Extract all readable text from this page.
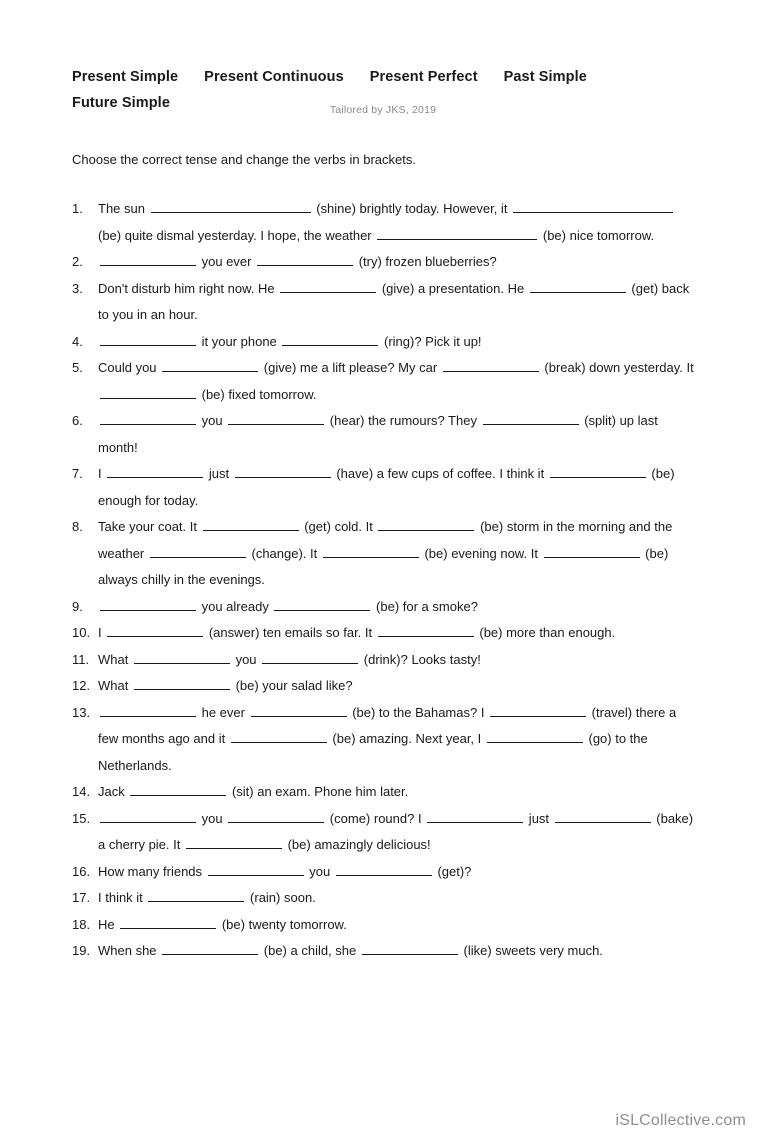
Tailored by JKS, 2019
Present Simple Present Continuous Present Perfect Past SimpleFuture Simple
Choose the correct tense and change the verbs in brackets.
1.	The sun	(shine) brightly today. However, it  (be) quite dismal yesterday. I hope, the weather	(be) nice tomorrow.
2.	you ever	(try) frozen blueberries?
3.	Don't disturb him right now. He	(give) a presentation. He	(get) back to you in an hour.
4.	it your phone	(ring)? Pick it up!
5.	Could you	(give) me a lift please? My car	(break) down yesterday. It  (be) fixed tomorrow.
6.	you	(hear) the rumours? They	(split) up last month!
7.	I	just	(have) a few cups of coffee. I think it	(be) enough for today.
8.	Take your coat. It	(get) cold. It	(be) storm in the morning and the weather	(change). It	(be) evening now. It	(be) always chilly in the evenings.
9.	you already	(be) for a smoke?
10. I	(answer) ten emails so far. It	(be) more than enough.
11. What	you	(drink)? Looks tasty!
12. What	(be) your salad like?
13.	he ever	(be) to the Bahamas? I	(travel) there a few months ago and it	(be) amazing. Next year, I	(go) to the Netherlands.
14. Jack	(sit) an exam. Phone him later.
15.	you	(come) round? I	just	(bake) a cherry pie. It	(be) amazingly delicious!
16. How many friends	you	(get)?
17. I think it	(rain) soon.
18. He	(be) twenty tomorrow.
19. When she	(be) a child, she	(like) sweets very much.
iSLCollective.com
